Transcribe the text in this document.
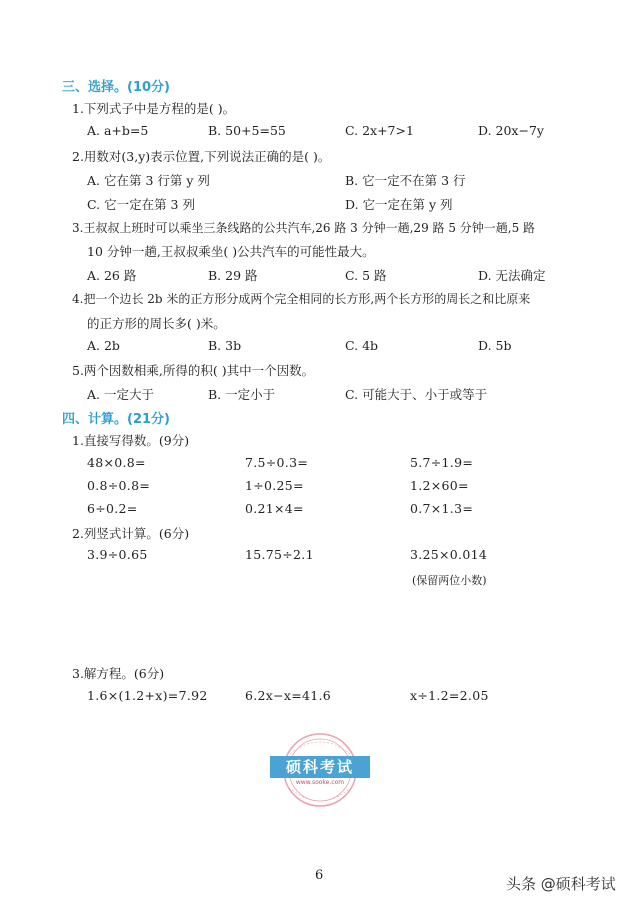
三、选择。(10分)
1.下列式子中是方程的是( )。
A. a+b=5	B. 50+5=55	C. 2x+7>1	D. 20x−7y
2.用数对(3,y)表示位置,下列说法正确的是( )。
A. 它在第 3 行第 y 列	B. 它一定不在第 3 行
C. 它一定在第 3 列	D. 它一定在第 y 列
3.王叔叔上班时可以乘坐三条线路的公共汽车,26 路 3 分钟一趟,29 路 5 分钟一趟,5 路
10 分钟一趟,王叔叔乘坐( )公共汽车的可能性最大。
A. 26 路	B. 29 路	C. 5 路	D. 无法确定
4.把一个边长 2b 米的正方形分成两个完全相同的长方形,两个长方形的周长之和比原来
的正方形的周长多( )米。
A. 2b	B. 3b	C. 4b	D. 5b
5.两个因数相乘,所得的积( )其中一个因数。
A. 一定大于	B. 一定小于	C. 可能大于、小于或等于
四、计算。(21分)
1.直接写得数。(9分)
48×0.8=	7.5÷0.3=	5.7÷1.9=
0.8÷0.8=	1÷0.25=	1.2×60=
6÷0.2=	0.21×4=	0.7×1.3=
2.列竖式计算。(6分)
3.9÷0.65	15.75÷2.1	3.25×0.014
(保留两位小数)
3.解方程。(6分)
1.6×(1.2+x)=7.92	6.2x−x=41.6	x÷1.2=2.05
硕科考试
www.sooke.com
6	头条 @硕科考试
